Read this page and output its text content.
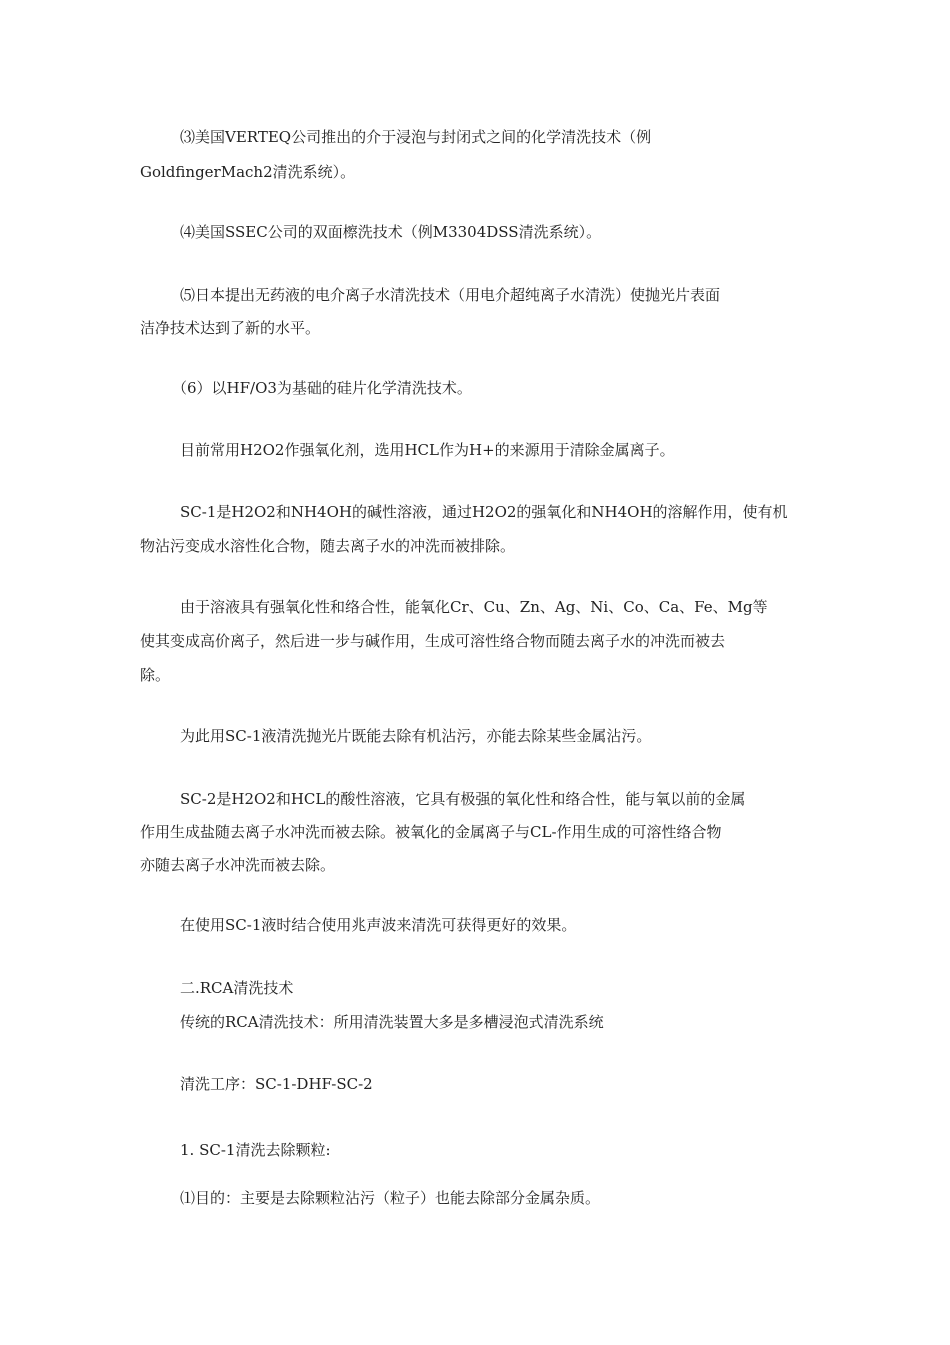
⑶美国VERTEQ公司推出的介于浸泡与封闭式之间的化学清洗技术（例
GoldfingerMach2清洗系统）。
⑷美国SSEC公司的双面檫洗技术（例M3304DSS清洗系统）。
⑸日本提出无药液的电介离子水清洗技术（用电介超纯离子水清洗）使抛光片表面
洁净技术达到了新的水平。
（6）以HF/O3为基础的硅片化学清洗技术。
目前常用H2O2作强氧化剂，选用HCL作为H+的来源用于清除金属离子。
SC-1是H2O2和NH4OH的碱性溶液，通过H2O2的强氧化和NH4OH的溶解作用，使有机
物沾污变成水溶性化合物，随去离子水的冲洗而被排除。
由于溶液具有强氧化性和络合性，能氧化Cr、Cu、Zn、Ag、Ni、Co、Ca、Fe、Mg等
使其变成高价离子，然后进一步与碱作用，生成可溶性络合物而随去离子水的冲洗而被去
除。
为此用SC-1液清洗抛光片既能去除有机沾污，亦能去除某些金属沾污。
SC-2是H2O2和HCL的酸性溶液，它具有极强的氧化性和络合性，能与氧以前的金属
作用生成盐随去离子水冲洗而被去除。被氧化的金属离子与CL-作用生成的可溶性络合物
亦随去离子水冲洗而被去除。
在使用SC-1液时结合使用兆声波来清洗可获得更好的效果。
二.RCA清洗技术
传统的RCA清洗技术：所用清洗装置大多是多槽浸泡式清洗系统
清洗工序：SC-1-DHF-SC-2
1. SC-1清洗去除颗粒:
⑴目的：主要是去除颗粒沾污（粒子）也能去除部分金属杂质。
